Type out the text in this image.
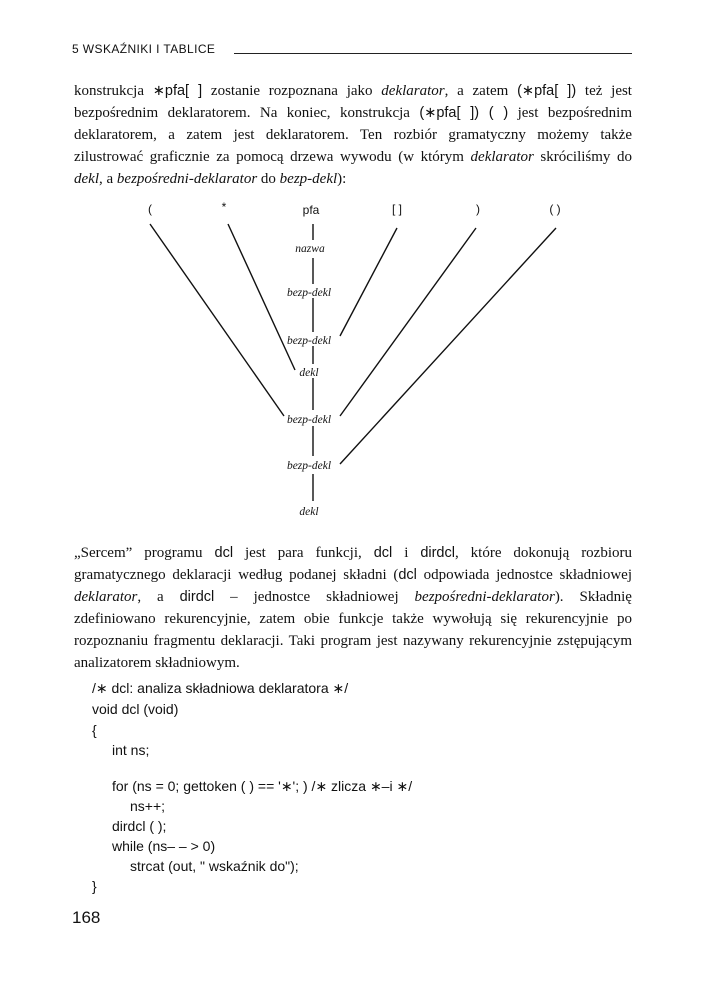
5 WSKAŹNIKI I TABLICE

konstrukcja ∗pfa[ ] zostanie rozpoznana jako deklarator, a zatem (∗pfa[ ]) też jest bezpośrednim deklaratorem. Na koniec, konstrukcja (∗pfa[ ]) ( ) jest bezpośrednim deklaratorem, a zatem jest deklaratorem. Ten rozbiór gramatyczny możemy także zilustrować graficznie za pomocą drzewa wywodu (w którym deklarator skróciliśmy do dekl, a bezpośredni-deklarator do bezp-dekl):

(	*	pfa	[ ]	)	( )
nazwa
bezp-dekl
bezp-dekl
dekl
bezp-dekl
bezp-dekl
dekl

„Sercem” programu dcl jest para funkcji, dcl i dirdcl, które dokonują rozbioru gramatycznego deklaracji według podanej składni (dcl odpowiada jednostce składniowej deklarator, a dirdcl – jednostce składniowej bezpośredni-deklarator). Składnię zdefiniowano rekurencyjnie, zatem obie funkcje także wywołują się rekurencyjnie po rozpoznaniu fragmentu deklaracji. Taki program jest nazywany rekurencyjnie zstępującym analizatorem składniowym.

/∗ dcl: analiza składniowa deklaratora ∗/
void dcl (void)
{
int ns;
for (ns = 0; gettoken ( ) == '∗'; ) /∗ zlicza ∗–i ∗/
ns++;
dirdcl ( );
while (ns– – > 0)
strcat (out, " wskaźnik do");
}
168
